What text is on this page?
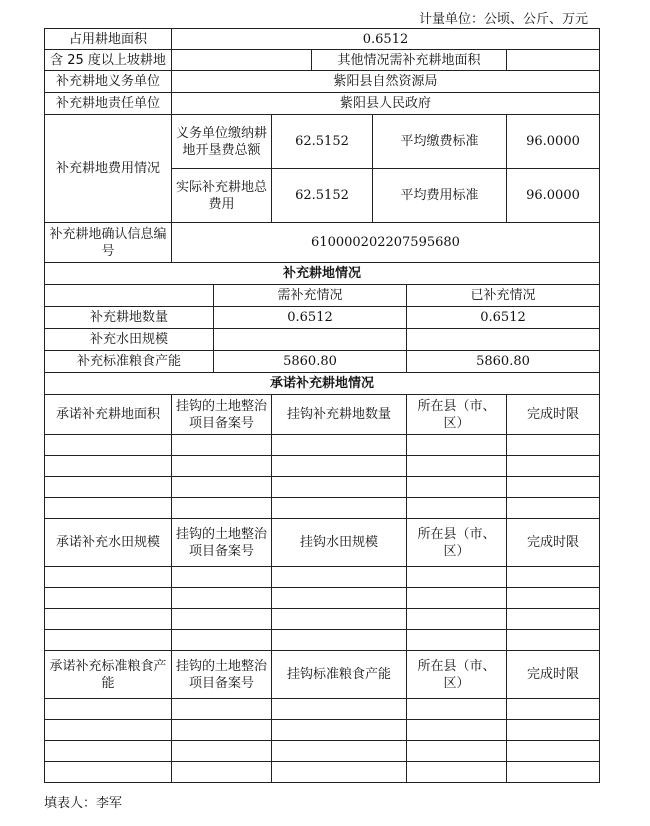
计量单位：公顷、公斤、万元
占用耕地面积	0.6512						
含 25 度以上坡耕地				其他情况需补充耕地面积			
补充耕地义务单位	紫阳县自然资源局						
补充耕地责任单位	紫阳县人民政府						
补充耕地费用情况	义务单位缴纳耕地开垦费总额		62.5152		平均缴费标准		96.0000
	实际补充耕地总费用		62.5152		平均费用标准		96.0000
补充耕地确认信息编号	610000202207595680						
补充耕地情况							
		需补充情况				已补充情况	
补充耕地数量		0.6512				0.6512	
补充水田规模							
补充标准粮食产能		5860.80				5860.80	
承诺补充耕地情况							
承诺补充耕地面积	挂钩的土地整治项目备案号		挂钩补充耕地数量			所在县（市、区）	完成时限

承诺补充水田规模	挂钩的土地整治项目备案号		挂钩水田规模			所在县（市、区）	完成时限

承诺补充标准粮食产能	挂钩的土地整治项目备案号		挂钩标准粮食产能			所在县（市、区）	完成时限

填表人：李军
